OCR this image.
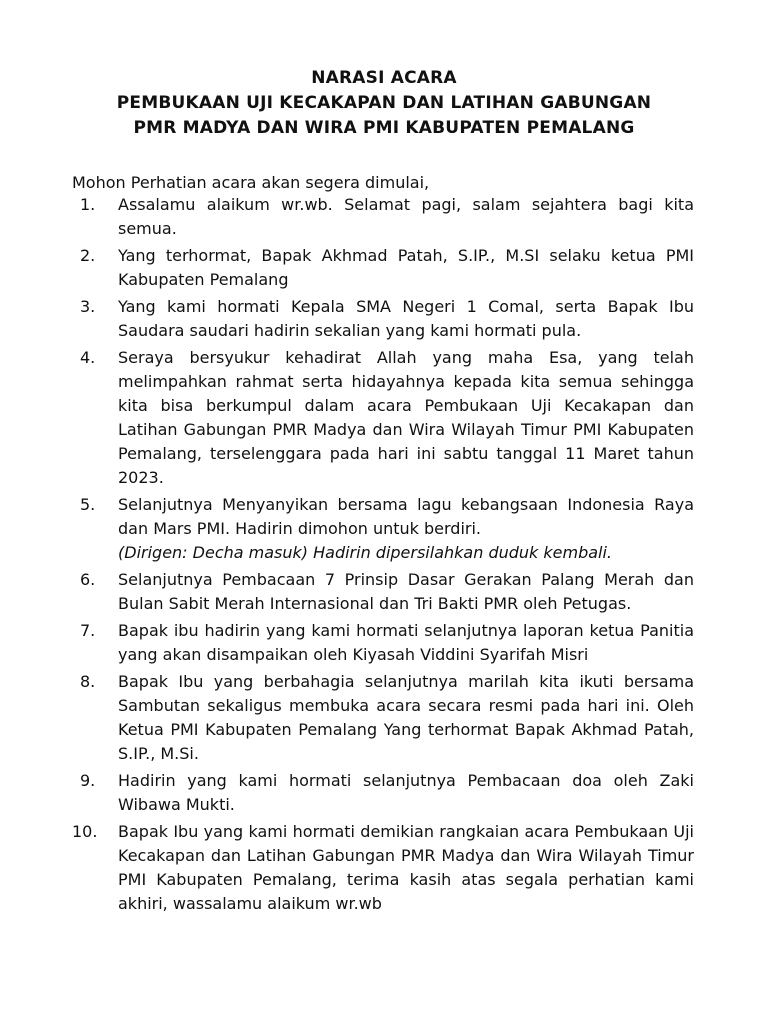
NARASI ACARA
PEMBUKAAN UJI KECAKAPAN DAN LATIHAN GABUNGAN
PMR MADYA DAN WIRA PMI KABUPATEN PEMALANG
Mohon Perhatian acara akan segera dimulai,
1.	Assalamu alaikum wr.wb. Selamat pagi, salam sejahtera bagi kita semua.
2.	Yang terhormat, Bapak Akhmad Patah, S.IP., M.SI selaku ketua PMI Kabupaten Pemalang
3.	Yang kami hormati Kepala SMA Negeri 1 Comal, serta Bapak Ibu Saudara saudari hadirin sekalian yang kami hormati pula.
4.	Seraya bersyukur kehadirat Allah yang maha Esa, yang telah melimpahkan rahmat serta hidayahnya kepada kita semua sehingga kita bisa berkumpul dalam acara Pembukaan Uji Kecakapan dan Latihan Gabungan PMR Madya dan Wira Wilayah Timur PMI Kabupaten Pemalang, terselenggara pada hari ini sabtu tanggal 11 Maret tahun 2023.
5.	Selanjutnya Menyanyikan bersama lagu kebangsaan Indonesia Raya dan Mars PMI. Hadirin dimohon untuk berdiri.
(Dirigen: Decha masuk) Hadirin dipersilahkan duduk kembali.
6.	Selanjutnya Pembacaan 7 Prinsip Dasar Gerakan Palang Merah dan Bulan Sabit Merah Internasional dan Tri Bakti PMR oleh Petugas.
7.	Bapak ibu hadirin yang kami hormati selanjutnya laporan ketua Panitia yang akan disampaikan oleh Kiyasah Viddini Syarifah Misri
8.	Bapak Ibu yang berbahagia selanjutnya marilah kita ikuti bersama Sambutan sekaligus membuka acara secara resmi pada hari ini. Oleh Ketua PMI Kabupaten Pemalang Yang terhormat Bapak Akhmad Patah, S.IP., M.Si.
9.	Hadirin yang kami hormati selanjutnya Pembacaan doa oleh Zaki Wibawa Mukti.
10. Bapak Ibu yang kami hormati demikian rangkaian acara Pembukaan Uji Kecakapan dan Latihan Gabungan PMR Madya dan Wira Wilayah Timur PMI Kabupaten Pemalang, terima kasih atas segala perhatian kami akhiri, wassalamu alaikum wr.wb
